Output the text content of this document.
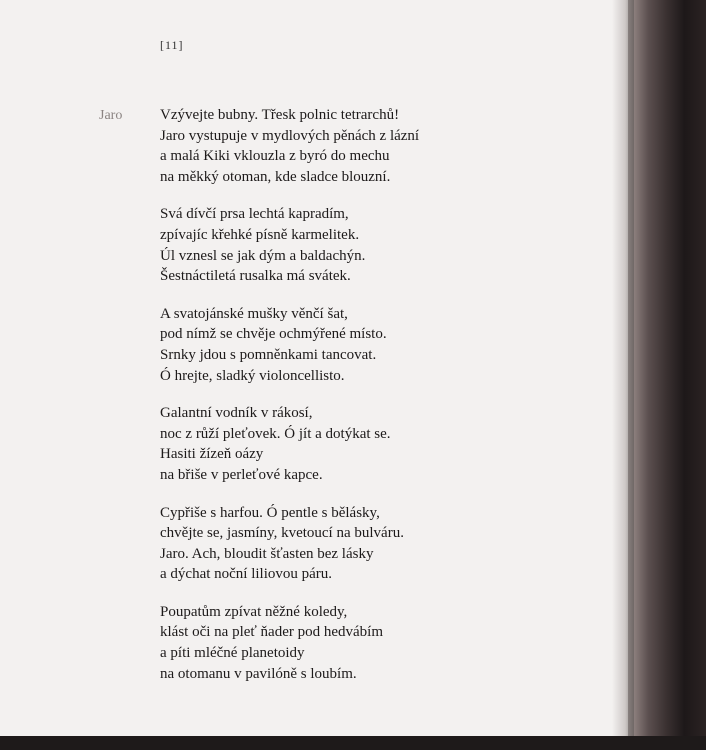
[11]
Jaro	Vzývejte bubny. Třesk polnic tetrarchů!
Jaro vystupuje v mydlových pěnách z lázní
a malá Kiki vklouzla z byró do mechu
na měkký otoman, kde sladce blouzní.
Svá dívčí prsa lechtá kapradím,
zpívajíc křehké písně karmelitek.
Úl vznesl se jak dým a baldachýn.
Šestnáctiletá rusalka má svátek.
A svatojánské mušky věnčí šat,
pod nímž se chvěje ochmýřené místo.
Srnky jdou s pomněnkami tancovat.
Ó hrejte, sladký violoncellisto.
Galantní vodník v rákosí,
noc z růží pleťovek. Ó jít a dotýkat se.
Hasiti žízeň oázy
na břiše v perleťové kapce.
Cypřiše s harfou. Ó pentle s bělásky,
chvějte se, jasmíny, kvetoucí na bulváru.
Jaro. Ach, bloudit šťasten bez lásky
a dýchat noční liliovou páru.
Poupatům zpívat něžné koledy,
klást oči na pleť ňader pod hedvábím
a píti mléčné planetoidy
na otomanu v pavilóně s loubím.
